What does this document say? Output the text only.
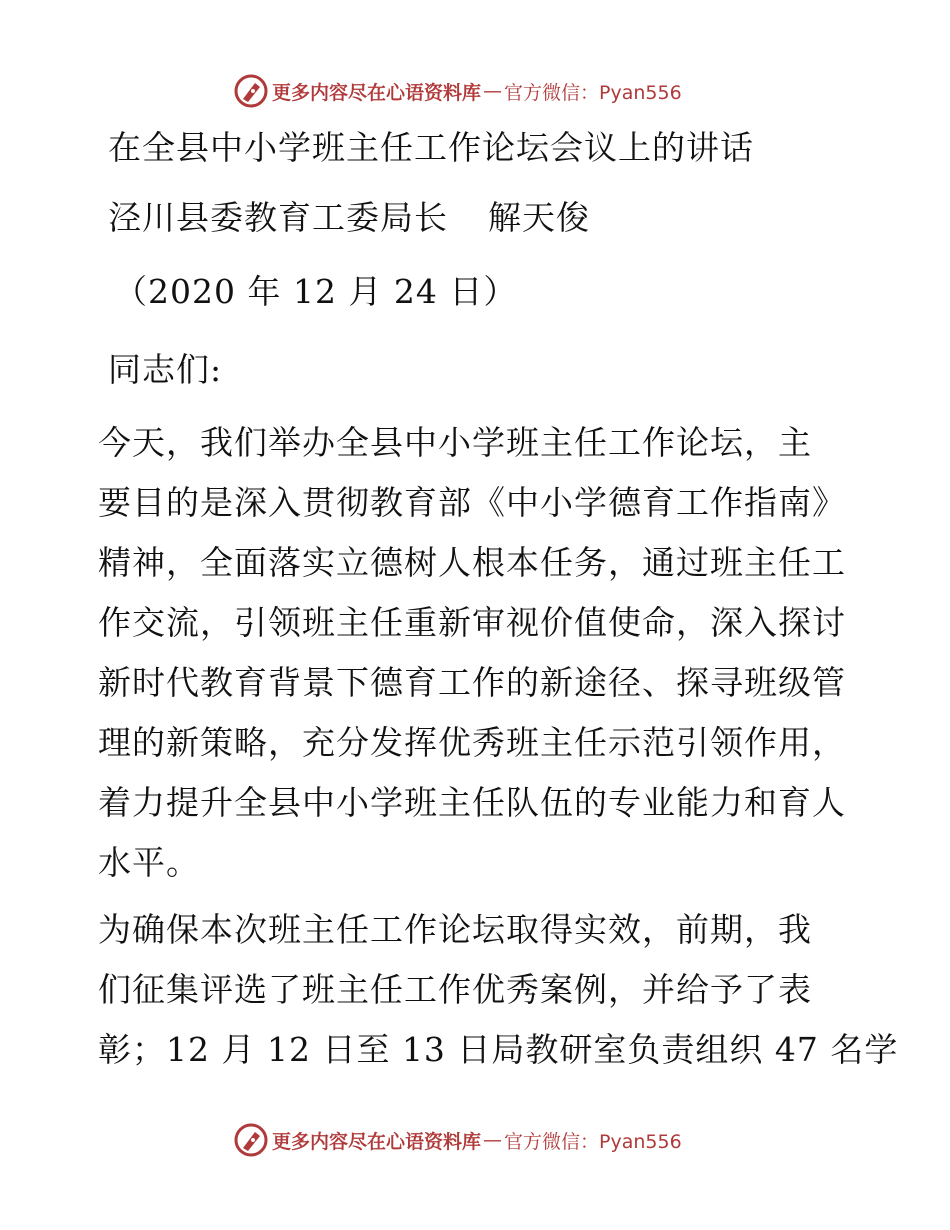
更多内容尽在心语资料库 — 官方微信：Pyan556
在全县中小学班主任工作论坛会议上的讲话
泾川县委教育工委局长 解天俊
（2020 年 12 月 24 日）
同志们:
今天，我们举办全县中小学班主任工作论坛，主
要目的是深入贯彻教育部《中小学德育工作指南》
精神，全面落实立德树人根本任务，通过班主任工
作交流，引领班主任重新审视价值使命，深入探讨
新时代教育背景下德育工作的新途径、探寻班级管
理的新策略，充分发挥优秀班主任示范引领作用，
着力提升全县中小学班主任队伍的专业能力和育人
水平。
为确保本次班主任工作论坛取得实效，前期，我
们征集评选了班主任工作优秀案例，并给予了表
彰；12 月 12 日至 13 日局教研室负责组织 47 名学
更多内容尽在心语资料库 — 官方微信：Pyan556
